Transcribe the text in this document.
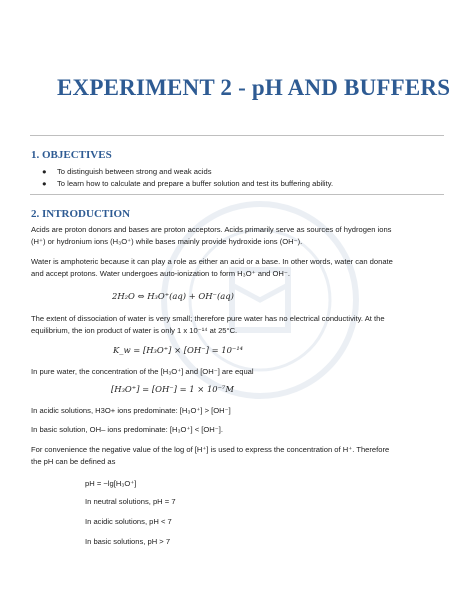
EXPERIMENT 2 - pH AND BUFFERS
1. OBJECTIVES
● To distinguish between strong and weak acids
● To learn how to calculate and prepare a buffer solution and test its buffering ability.
2. INTRODUCTION

Acids are proton donors and bases are proton acceptors. Acids primarily serve as sources of hydrogen ions
(H⁺) or hydronium ions (H₃O⁺) while bases mainly provide hydroxide ions (OH⁻).

Water is amphoteric because it can play a role as either an acid or a base. In other words, water can donate
and accept protons. Water undergoes auto-ionization to form H₃O⁺ and OH⁻.

2H₂O ⇔ H₃O⁺(aq) + OH⁻(aq)

The extent of dissociation of water is very small; therefore pure water has no electrical conductivity. At the
equilibrium, the ion product of water is only 1 x 10⁻¹⁴ at 25°C.

K_w = [H₃O⁺] × [OH⁻] = 10⁻¹⁴

In pure water, the concentration of the [H₃O⁺] and [OH⁻] are equal

[H₃O⁺] = [OH⁻] = 1 × 10⁻⁷M

In acidic solutions, H3O+ ions predominate: [H₃O⁺] > [OH⁻]

In basic solution, OH– ions predominate: [H₃O⁺] < [OH⁻].

For convenience the negative value of the log of [H⁺] is used to express the concentration of H⁺. Therefore
the pH can be defined as

pH = −lg[H₃O⁺]
In neutral solutions, pH = 7
In acidic solutions, pH < 7
In basic solutions, pH > 7
